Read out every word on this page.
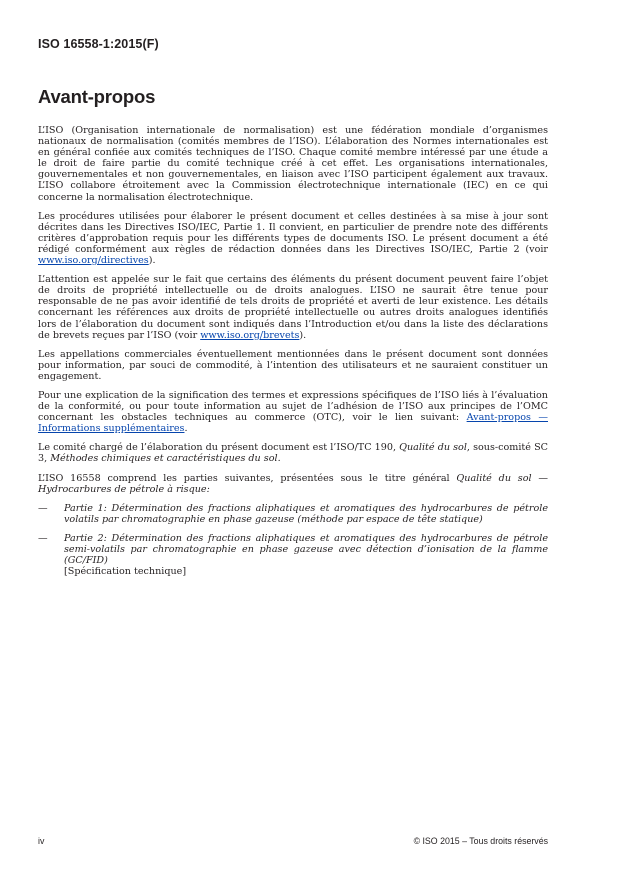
ISO 16558-1:2015(F)
Avant-propos

L’ISO (Organisation internationale de normalisation) est une fédération mondiale d’organismes nationaux de normalisation (comités membres de l’ISO). L’élaboration des Normes internationales est en général confiée aux comités techniques de l’ISO. Chaque comité membre intéressé par une étude a le droit de faire partie du comité technique créé à cet effet. Les organisations internationales, gouvernementales et non gouvernementales, en liaison avec l’ISO participent également aux travaux. L’ISO collabore étroitement avec la Commission électrotechnique internationale (IEC) en ce qui concerne la normalisation électrotechnique.

Les procédures utilisées pour élaborer le présent document et celles destinées à sa mise à jour sont décrites dans les Directives ISO/IEC, Partie 1. Il convient, en particulier de prendre note des différents critères d’approbation requis pour les différents types de documents ISO. Le présent document a été rédigé conformément aux règles de rédaction données dans les Directives ISO/IEC, Partie 2 (voir www.iso.org/directives).

L’attention est appelée sur le fait que certains des éléments du présent document peuvent faire l’objet de droits de propriété intellectuelle ou de droits analogues. L’ISO ne saurait être tenue pour responsable de ne pas avoir identifié de tels droits de propriété et averti de leur existence. Les détails concernant les références aux droits de propriété intellectuelle ou autres droits analogues identifiés lors de l’élaboration du document sont indiqués dans l’Introduction et/ou dans la liste des déclarations de brevets reçues par l’ISO (voir www.iso.org/brevets).

Les appellations commerciales éventuellement mentionnées dans le présent document sont données pour information, par souci de commodité, à l’intention des utilisateurs et ne sauraient constituer un engagement.

Pour une explication de la signification des termes et expressions spécifiques de l’ISO liés à l’évaluation de la conformité, ou pour toute information au sujet de l’adhésion de l’ISO aux principes de l’OMC concernant les obstacles techniques au commerce (OTC), voir le lien suivant: Avant-propos — Informations supplémentaires.

Le comité chargé de l’élaboration du présent document est l’ISO/TC 190, Qualité du sol, sous-comité SC 3, Méthodes chimiques et caractéristiques du sol.

L’ISO 16558 comprend les parties suivantes, présentées sous le titre général Qualité du sol — Hydrocarbures de pétrole à risque:

— Partie 1: Détermination des fractions aliphatiques et aromatiques des hydrocarbures de pétrole volatils par chromatographie en phase gazeuse (méthode par espace de tête statique)
— Partie 2: Détermination des fractions aliphatiques et aromatiques des hydrocarbures de pétrole semi-volatils par chromatographie en phase gazeuse avec détection d’ionisation de la flamme (GC/FID)
[Spécification technique]
iv	© ISO 2015 – Tous droits réservés
